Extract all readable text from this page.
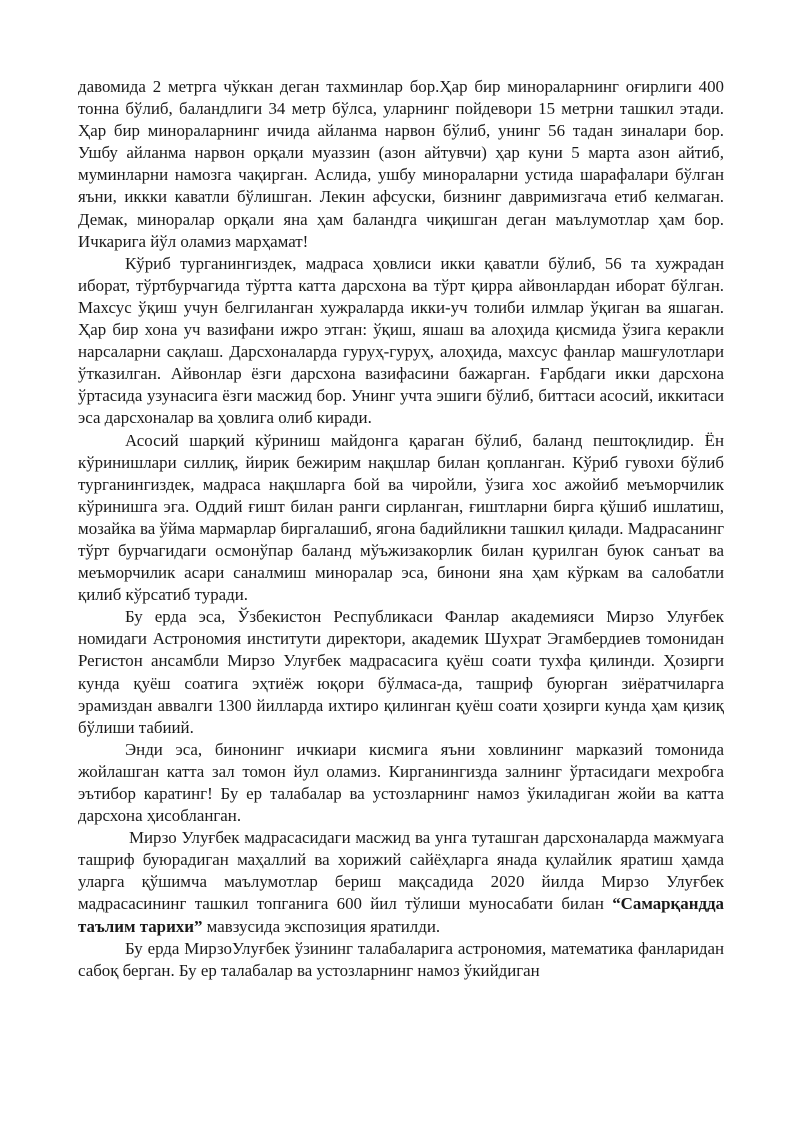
давомида 2 метрга чўккан деган тахминлар бор.Ҳар бир минораларнинг оғирлиги 400 тонна бўлиб, баландлиги 34 метр бўлса, уларнинг пойдевори 15 метрни ташкил этади. Ҳар бир минораларнинг ичида айланма нарвон бўлиб, унинг 56 тадан зиналари бор. Ушбу айланма нарвон орқали муаззин (азон айтувчи) ҳар куни 5 марта азон айтиб, муминларни намозга чақирган. Аслида, ушбу минораларни устида шарафалари бўлган яъни, иккки каватли бўлишган. Лекин афсуски, бизнинг давримизгача етиб келмаган. Демак, миноралар орқали яна ҳам баландга чиқишган деган маълумотлар ҳам бор. Ичкарига йўл оламиз марҳамат!

Кўриб турганингиздек, мадраса ҳовлиси икки қаватли бўлиб, 56 та хужрадан иборат, тўртбурчагида тўртта катта дарсхона ва тўрт қирра айвонлардан иборат бўлган. Махсус ўқиш учун белгиланган хужраларда икки-уч толиби илмлар ўқиган ва яшаган. Ҳар бир хона уч вазифани ижро этган: ўқиш, яшаш ва алоҳида қисмида ўзига керакли нарсаларни сақлаш. Дарсхоналарда гуруҳ-гуруҳ, алоҳида, махсус фанлар машғулотлари ўтказилган. Айвонлар ёзги дарсхона вазифасини бажарган. Ғарбдаги икки дарсхона ўртасида узунасига ёзги масжид бор. Унинг учта эшиги бўлиб, биттаси асосий, иккитаси эса дарсхоналар ва ҳовлига олиб киради.

Асосий шарқий кўриниш майдонга қараган бўлиб, баланд пештоқлидир. Ён кўринишлари силлиқ, йирик бежирим нақшлар билан қопланган. Кўриб гувохи бўлиб турганингиздек, мадраса нақшларга бой ва чиройли, ўзига хос ажойиб меъморчилик кўринишга эга. Оддий ғишт билан ранги сирланган, ғиштларни бирга қўшиб ишлатиш, мозайка ва ўйма мармарлар биргалашиб, ягона бадийликни ташкил қилади. Мадрасанинг тўрт бурчагидаги осмонўпар баланд мўъжизакорлик билан қурилган буюк санъат ва меъморчилик асари саналмиш миноралар эса, бинони яна ҳам кўркам ва салобатли қилиб кўрсатиб туради.

Бу ерда эса, Ўзбекистон Республикаси Фанлар академияси Мирзо Улуғбек номидаги Астрономия институти директори, академик Шухрат Эгамбердиев томонидан Регистон ансамбли Мирзо Улуғбек мадрасасига қуёш соати тухфа қилинди. Ҳозирги кунда қуёш соатига эҳтиёж юқори бўлмаса-да, ташриф буюрган зиёратчиларга эрамиздан аввалги 1300 йилларда ихтиро қилинган қуёш соати ҳозирги кунда ҳам қизиқ бўлиши табиий.

Энди эса, бинонинг ичкиари кисмига яъни ховлининг марказий томонида жойлашган катта зал томон йул оламиз. Кирганингизда залнинг ўртасидаги мехробга эътибор каратинг! Бу ер талабалар ва устозларнинг намоз ўкиладиган жойи ва катта дарсхона ҳисобланган.

Мирзо Улуғбек мадрасасидаги масжид ва унга туташган дарсхоналарда мажмуага ташриф буюрадиган маҳаллий ва хорижий сайёҳларга янада қулайлик яратиш ҳамда уларга қўшимча маълумотлар бериш мақсадида 2020 йилда Мирзо Улуғбек мадрасасининг ташкил топганига 600 йил тўлиши муносабати билан “Самарқандда таълим тарихи” мавзусида экспозиция яратилди.

Бу ерда МирзоУлуғбек ўзининг талабаларига астрономия, математика фанларидан сабоқ берган. Бу ер талабалар ва устозларнинг намоз ўкийдиган
